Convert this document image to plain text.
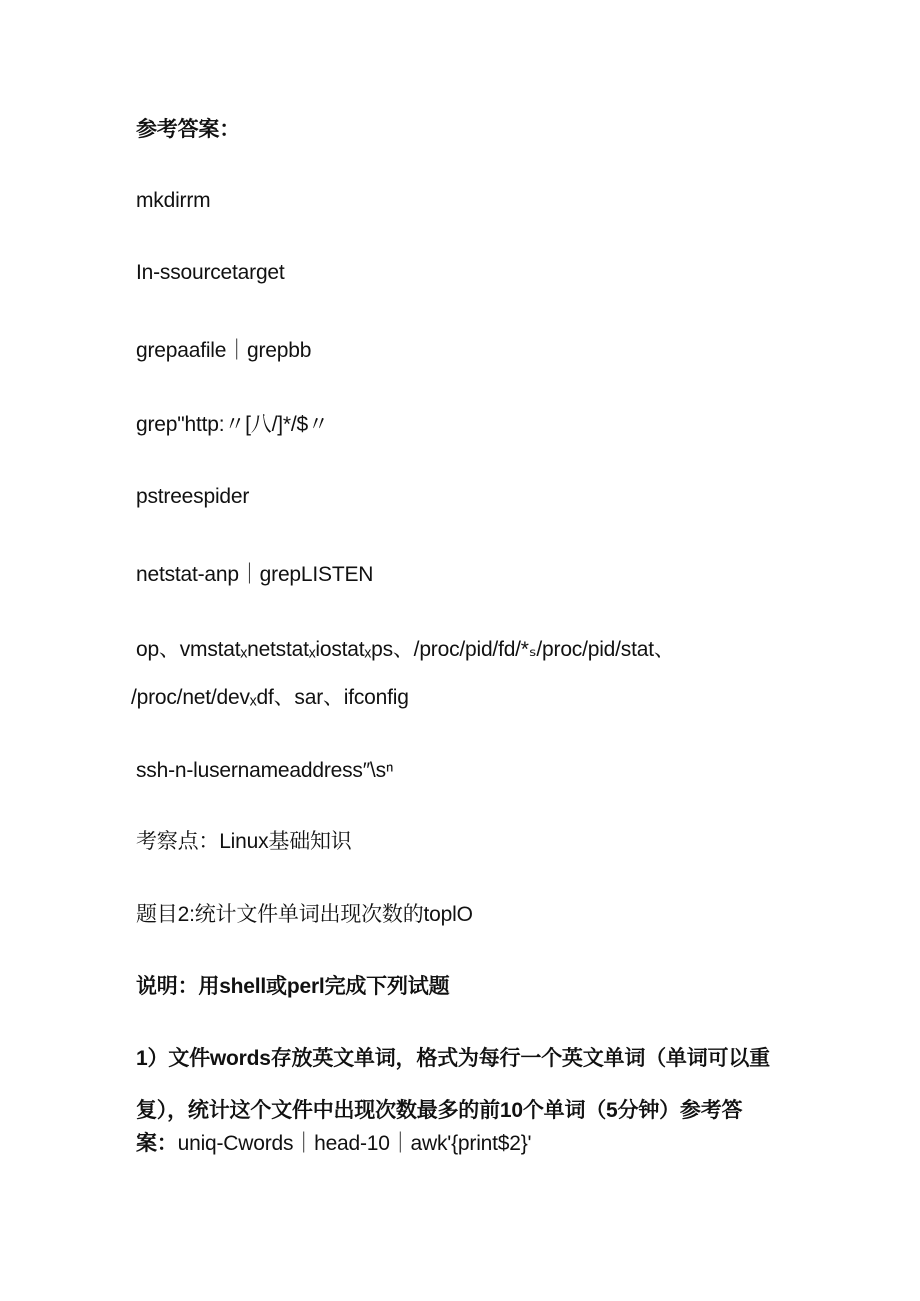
参考答案：
mkdirrm
In-ssourcetarget
grepaafile｜grepbb
grep"http:〃[八/]*/$〃
pstreespider
netstat-anp｜grepLISTEN
op、vmstatₓnetstatₓiostatₓps、/proc/pid/fd/*ₛ/proc/pid/stat、
/proc/net/devₓdf、sar、ifconfig
ssh-n-lusernameaddress″\sⁿ
考察点：Linux基础知识
题目2:统计文件单词出现次数的toplO
说明：用shell或perl完成下列试题
1）文件words存放英文单词，格式为每行一个英文单词（单词可以重
复），统计这个文件中出现次数最多的前10个单词（5分钟）参考答
案：uniq-Cwords｜head-10｜awk'{print$2}'
